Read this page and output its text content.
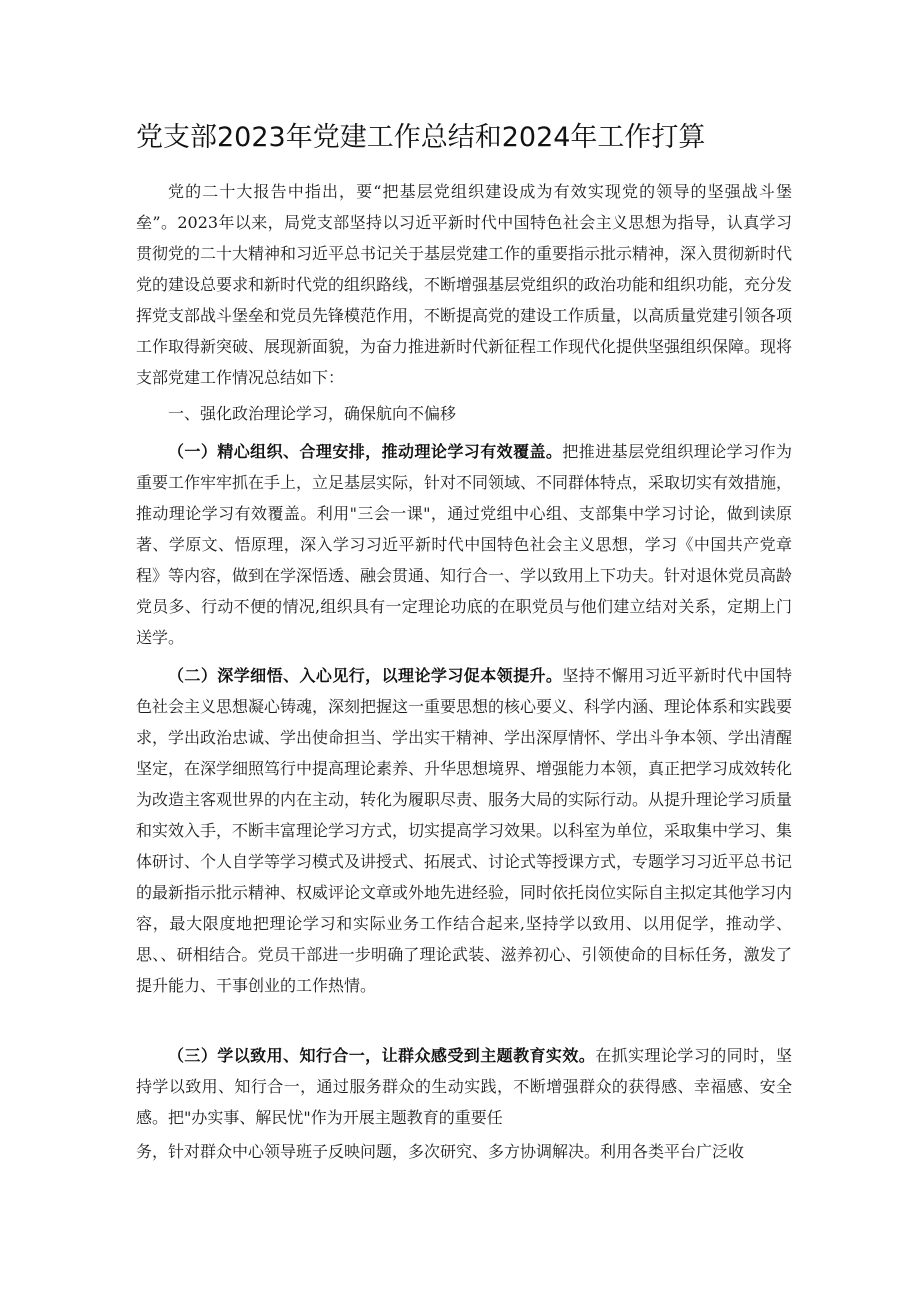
党支部2023年党建工作总结和2024年工作打算

党的二十大报告中指出，要“把基层党组织建设成为有效实现党的领导的坚强战斗堡垒”。2023年以来，局党支部坚持以习近平新时代中国特色社会主义思想为指导，认真学习贯彻党的二十大精神和习近平总书记关于基层党建工作的重要指示批示精神，深入贯彻新时代党的建设总要求和新时代党的组织路线，不断增强基层党组织的政治功能和组织功能，充分发挥党支部战斗堡垒和党员先锋模范作用，不断提高党的建设工作质量，以高质量党建引领各项工作取得新突破、展现新面貌，为奋力推进新时代新征程工作现代化提供坚强组织保障。现将支部党建工作情况总结如下：

一、强化政治理论学习，确保航向不偏移

（一）精心组织、合理安排，推动理论学习有效覆盖。把推进基层党组织理论学习作为重要工作牢牢抓在手上，立足基层实际，针对不同领域、不同群体特点，采取切实有效措施，推动理论学习有效覆盖。利用"三会一课"，通过党组中心组、支部集中学习讨论，做到读原著、学原文、悟原理，深入学习习近平新时代中国特色社会主义思想，学习《中国共产党章程》等内容，做到在学深悟透、融会贯通、知行合一、学以致用上下功夫。针对退休党员高龄党员多、行动不便的情况,组织具有一定理论功底的在职党员与他们建立结对关系，定期上门送学。

（二）深学细悟、入心见行，以理论学习促本领提升。坚持不懈用习近平新时代中国特色社会主义思想凝心铸魂，深刻把握这一重要思想的核心要义、科学内涵、理论体系和实践要求，学出政治忠诚、学出使命担当、学出实干精神、学出深厚情怀、学出斗争本领、学出清醒坚定，在深学细照笃行中提高理论素养、升华思想境界、增强能力本领，真正把学习成效转化为改造主客观世界的内在主动，转化为履职尽责、服务大局的实际行动。从提升理论学习质量和实效入手，不断丰富理论学习方式，切实提高学习效果。以科室为单位，采取集中学习、集体研讨、个人自学等学习模式及讲授式、拓展式、讨论式等授课方式，专题学习习近平总书记的最新指示批示精神、权威评论文章或外地先进经验，同时依托岗位实际自主拟定其他学习内容，最大限度地把理论学习和实际业务工作结合起来,坚持学以致用、以用促学，推动学、思、、研相结合。党员干部进一步明确了理论武装、滋养初心、引领使命的目标任务，激发了提升能力、干事创业的工作热情。

（三）学以致用、知行合一，让群众感受到主题教育实效。在抓实理论学习的同时，坚持学以致用、知行合一，通过服务群众的生动实践，不断增强群众的获得感、幸福感、安全感。把"办实事、解民忧"作为开展主题教育的重要任

务，针对群众中心领导班子反映问题，多次研究、多方协调解决。利用各类平台广泛收
